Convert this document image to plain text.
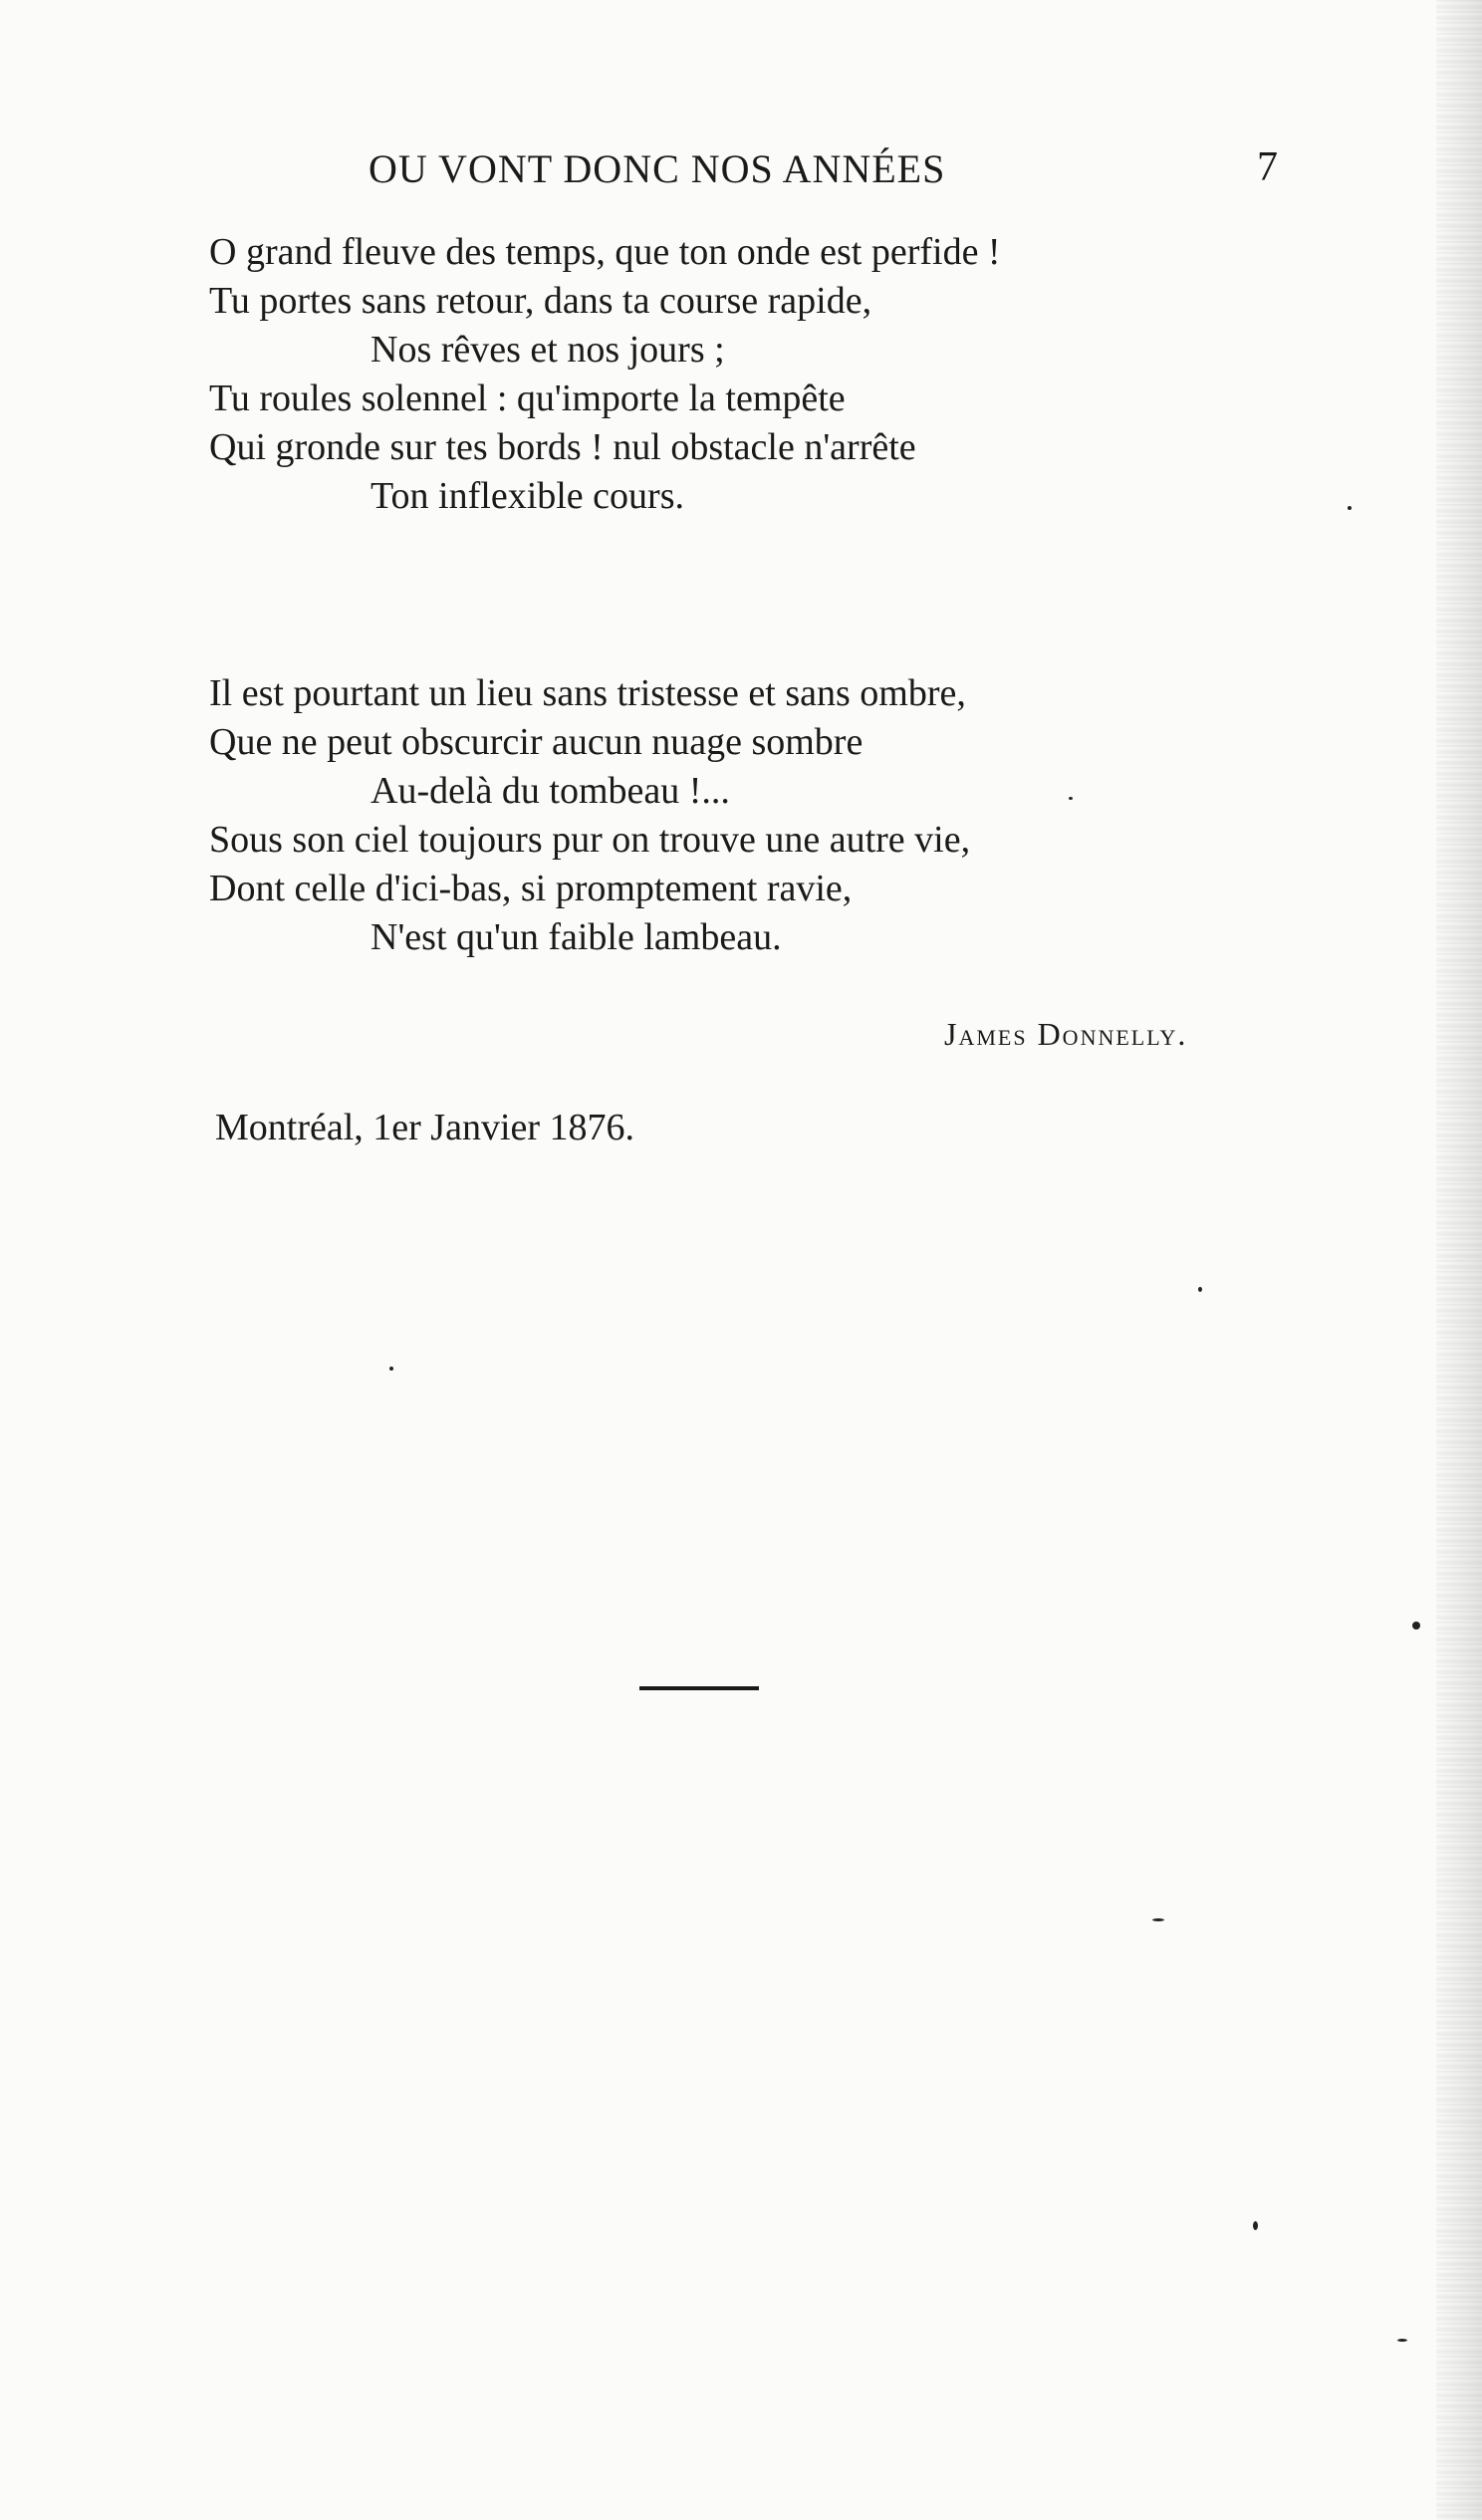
OU VONT DONC NOS ANNÉES	7
O grand fleuve des temps, que ton onde est perfide !
Tu portes sans retour, dans ta course rapide,
Nos rêves et nos jours ;
Tu roules solennel : qu'importe la tempête
Qui gronde sur tes bords ! nul obstacle n'arrête
Ton inflexible cours.
Il est pourtant un lieu sans tristesse et sans ombre,
Que ne peut obscurcir aucun nuage sombre
Au-delà du tombeau !...
Sous son ciel toujours pur on trouve une autre vie,
Dont celle d'ici-bas, si promptement ravie,
N'est qu'un faible lambeau.
James Donnelly.
Montréal, 1er Janvier 1876.
